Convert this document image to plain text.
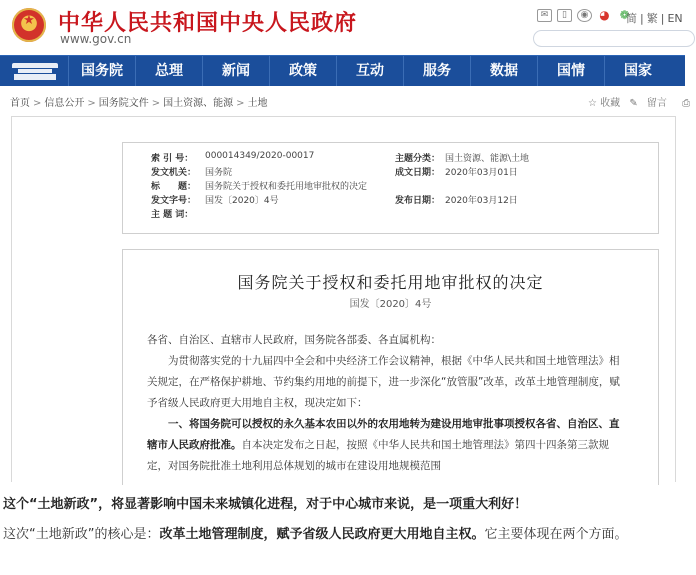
★
中华人民共和国中央人民政府
www.gov.cn
✉	▯	◉ ◕ ❁
简 | 繁 | EN
国务院	总理	新闻	政策	互动	服务	数据	国情	国家
首页 > 信息公开 > 国务院文件 > 国土资源、能源 > 土地	☆ 收藏 ✎ 留言 ⎙
索 引 号： 000014349/2020-00017	主题分类： 国土资源、能源\土地
发文机关： 国务院	成文日期： 2020年03月01日
标　　题： 国务院关于授权和委托用地审批权的决定
发文字号： 国发〔2020〕4号	发布日期： 2020年03月12日
主 题 词：
国务院关于授权和委托用地审批权的决定
国发〔2020〕4号
各省、自治区、直辖市人民政府，国务院各部委、各直属机构：
为贯彻落实党的十九届四中全会和中央经济工作会议精神，根据《中华人民共和国土地管理法》相关规定，在严格保护耕地、节约集约用地的前提下，进一步深化“放管服”改革，改革土地管理制度，赋予省级人民政府更大用地自主权，现决定如下：
一、将国务院可以授权的永久基本农田以外的农用地转为建设用地审批事项授权各省、自治区、直辖市人民政府批准。自本决定发布之日起，按照《中华人民共和国土地管理法》第四十四条第三款规定，对国务院批准土地利用总体规划的城市在建设用地规模范围
这个“土地新政”，将显著影响中国未来城镇化进程，对于中心城市来说，是一项重大利好！
这次“土地新政”的核心是：改革土地管理制度，赋予省级人民政府更大用地自主权。它主要体现在两个方面。
